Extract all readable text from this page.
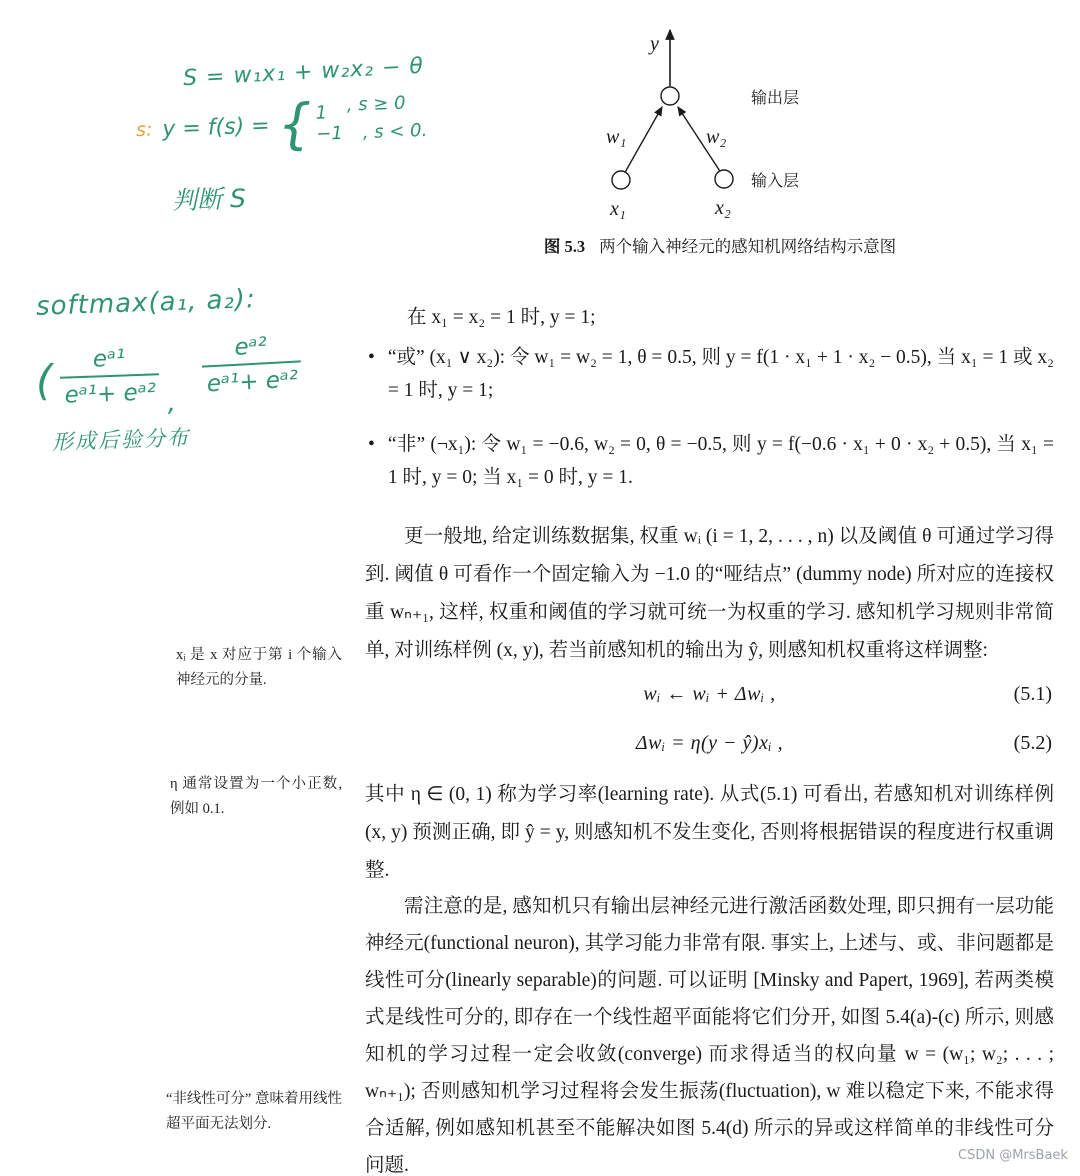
S = w₁x₁ + w₂x₂ − θ
s: y = f(s) = { 1 , s ≥ 0
−1 , s < 0.
判断 S
softmax(a₁, a₂):
( $\frac{\text{eᵃ¹}}{\text{eᵃ¹+ eᵃ²}}$ ,
$\frac{\text{eᵃ²}}{\text{eᵃ¹+ eᵃ²}}$
形成后验分布
y
w₁	w₂
x₁	x₂
输出层
输入层
图 5.3 两个输入神经元的感知机网络结构示意图
在 x₁ = x₂ = 1 时, y = 1;
• “或” (x₁ ∨ x₂): 令 w₁ = w₂ = 1, θ = 0.5, 则 y = f(1 · x₁ + 1 · x₂ − 0.5), 当 x₁ = 1 或 x₂ = 1 时, y = 1;
• “非” (¬x₁): 令 w₁ = −0.6, w₂ = 0, θ = −0.5, 则 y = f(−0.6 · x₁ + 0 · x₂ + 0.5), 当 x₁ = 1 时, y = 0; 当 x₁ = 0 时, y = 1.
更一般地, 给定训练数据集, 权重 wᵢ (i = 1, 2, . . . , n) 以及阈值 θ 可通过学习得到. 阈值 θ 可看作一个固定输入为 −1.0 的“哑结点” (dummy node) 所对应的连接权重 wₙ₊₁, 这样, 权重和阈值的学习就可统一为权重的学习. 感知机学习规则非常简单, 对训练样例 (x, y), 若当前感知机的输出为 ŷ, 则感知机权重将这样调整:
wᵢ ← wᵢ + Δwᵢ ,	(5.1)
Δwᵢ = η(y − ŷ)xᵢ ,	(5.2)
其中 η ∈ (0, 1) 称为学习率(learning rate). 从式(5.1) 可看出, 若感知机对训练样例 (x, y) 预测正确, 即 ŷ = y, 则感知机不发生变化, 否则将根据错误的程度进行权重调整.
需注意的是, 感知机只有输出层神经元进行激活函数处理, 即只拥有一层功能神经元(functional neuron), 其学习能力非常有限. 事实上, 上述与、或、非问题都是线性可分(linearly separable)的问题. 可以证明 [Minsky and Papert, 1969], 若两类模式是线性可分的, 即存在一个线性超平面能将它们分开, 如图 5.4(a)-(c) 所示, 则感知机的学习过程一定会收敛(converge) 而求得适当的权向量 w = (w₁; w₂; . . . ; wₙ₊₁); 否则感知机学习过程将会发生振荡(fluctuation), w 难以稳定下来, 不能求得合适解, 例如感知机甚至不能解决如图 5.4(d) 所示的异或这样简单的非线性可分问题.
xᵢ 是 x 对应于第 i 个输入神经元的分量.
η 通常设置为一个小正数, 例如 0.1.
“非线性可分” 意味着用线性超平面无法划分.
CSDN @MrsBaek
